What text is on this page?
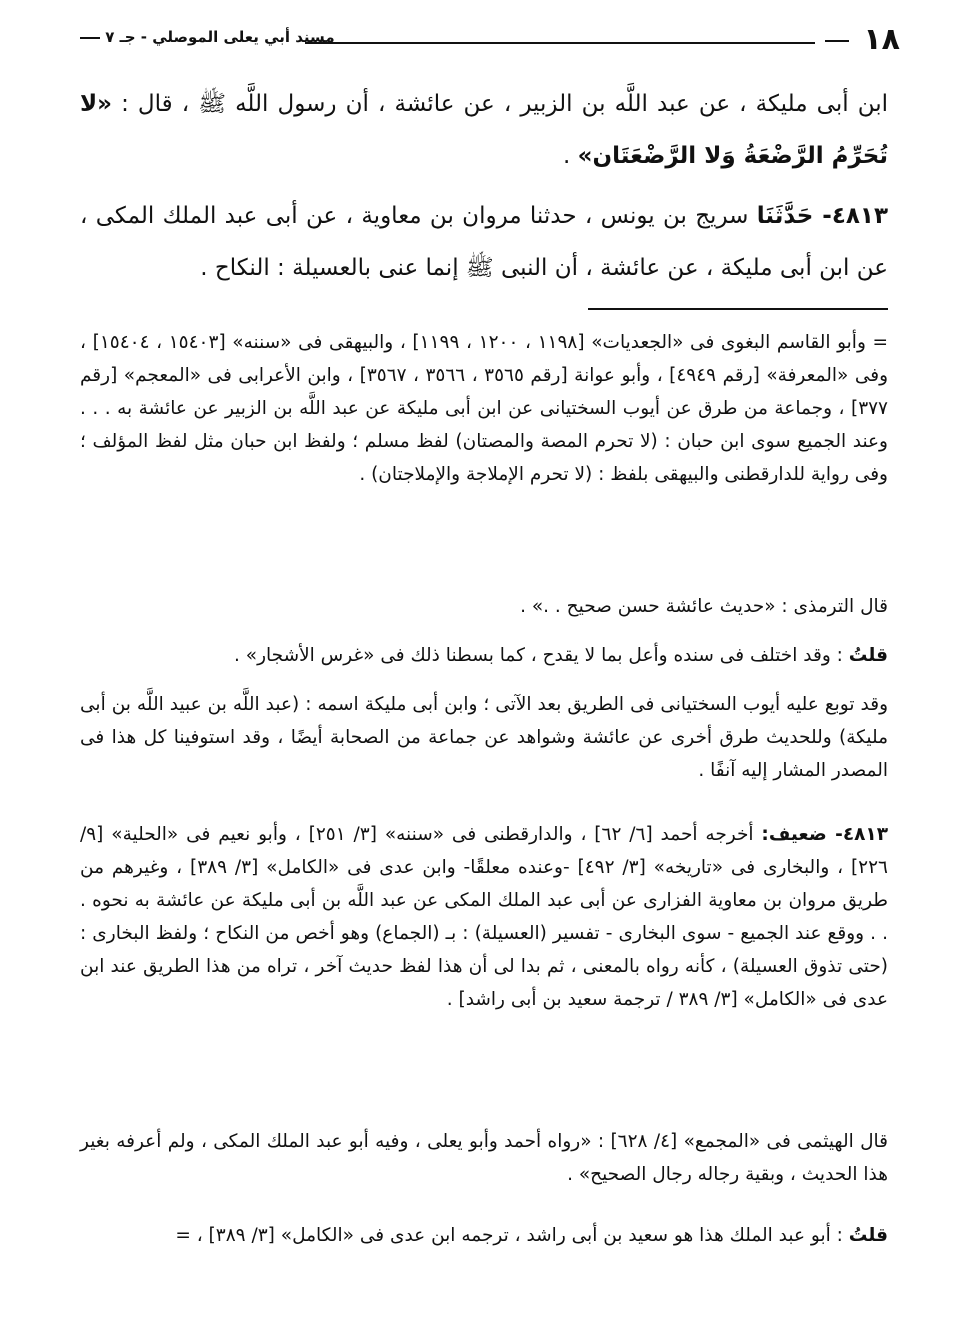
١٨
مسند أبي يعلى الموصلي - جـ ٧

ابن أبى مليكة ، عن عبد اللَّه بن الزبير ، عن عائشة ، أن رسول اللَّه ﷺ ، قال : «لا تُحَرِّمُ الرَّضْعَةُ وَلا الرَّضْعَتَان» .

٤٨١٣- حَدَّثَنَا سريج بن يونس ، حدثنا مروان بن معاوية ، عن أبى عبد الملك المكى ، عن ابن أبى مليكة ، عن عائشة ، أن النبى ﷺ إنما عنى بالعسيلة : النكاح .

= وأبو القاسم البغوى فى «الجعديات» [١١٩٨ ، ١٢٠٠ ، ١١٩٩] ، والبيهقى فى «سننه» [١٥٤٠٣ ، ١٥٤٠٤] ، وفى «المعرفة» [رقم ٤٩٤٩] ، وأبو عوانة [رقم ٣٥٦٥ ، ٣٥٦٦ ، ٣٥٦٧] ، وابن الأعرابى فى «المعجم» [رقم ٣٧٧] ، وجماعة من طرق عن أيوب السختيانى عن ابن أبى مليكة عن عبد اللَّه بن الزبير عن عائشة به . . . وعند الجميع سوى ابن حبان : (لا تحرم المصة والمصتان) لفظ مسلم ؛ ولفظ ابن حبان مثل لفظ المؤلف ؛ وفى رواية للدارقطنى والبيهقى بلفظ : (لا تحرم الإملاجة والإملاجتان) .

قال الترمذى : «حديث عائشة حسن صحيح . .» .

قلتُ : وقد اختلف فى سنده وأعل بما لا يقدح ، كما بسطنا ذلك فى «غرس الأشجار» .

وقد توبع عليه أيوب السختيانى فى الطريق بعد الآتى ؛ وابن أبى مليكة اسمه : (عبد اللَّه بن عبيد اللَّه بن أبى مليكة) وللحديث طرق أخرى عن عائشة وشواهد عن جماعة من الصحابة أيضًا ، وقد استوفينا كل هذا فى المصدر المشار إليه آنفًا .

٤٨١٣- ضعيف: أخرجه أحمد [٦/ ٦٢] ، والدارقطنى فى «سننه» [٣/ ٢٥١] ، وأبو نعيم فى «الحلية» [٩/ ٢٢٦] ، والبخارى فى «تاريخه» [٣/ ٤٩٢] -وعنده معلقًا- وابن عدى فى «الكامل» [٣/ ٣٨٩] ، وغيرهم من طريق مروان بن معاوية الفزارى عن أبى عبد الملك المكى عن عبد اللَّه بن أبى مليكة عن عائشة به نحوه . . . ووقع عند الجميع - سوى البخارى - تفسير (العسيلة) : بـ (الجماع) وهو أخص من النكاح ؛ ولفظ البخارى : (حتى تذوق العسيلة) ، كأنه رواه بالمعنى ، ثم بدا لى أن هذا لفظ حديث آخر ، تراه من هذا الطريق عند ابن عدى فى «الكامل» [٣/ ٣٨٩ / ترجمة سعيد بن أبى راشد] .

قال الهيثمى فى «المجمع» [٤/ ٦٢٨] : «رواه أحمد وأبو يعلى ، وفيه أبو عبد الملك المكى ، ولم أعرفه بغير هذا الحديث ، وبقية رجاله رجال الصحيح» .

قلتُ : أبو عبد الملك هذا هو سعيد بن أبى راشد ، ترجمه ابن عدى فى «الكامل» [٣/ ٣٨٩] ، =
